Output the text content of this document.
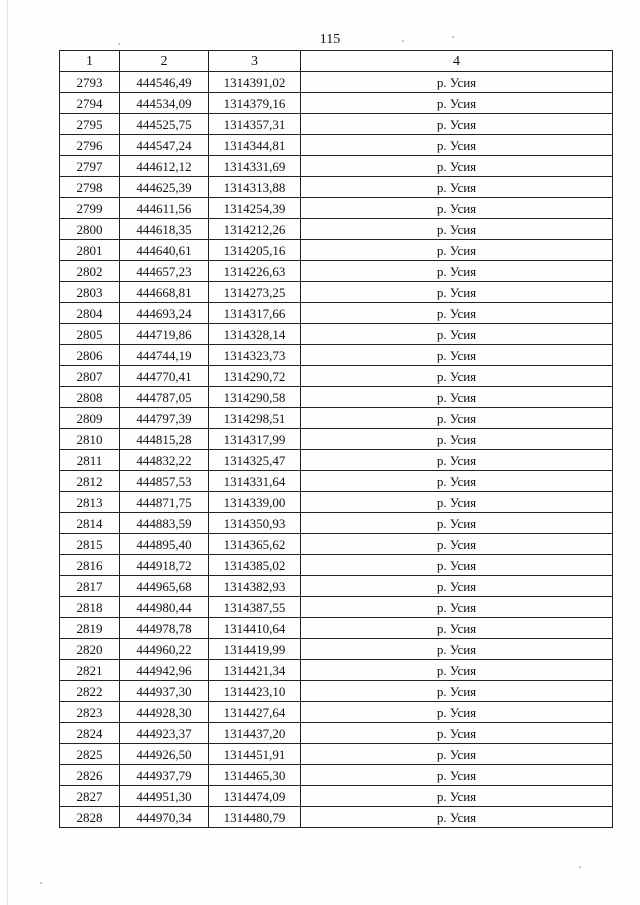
115
1	2	3	4
2793	444546,49	1314391,02	р. Усия
2794	444534,09	1314379,16	р. Усия
2795	444525,75	1314357,31	р. Усия
2796	444547,24	1314344,81	р. Усия
2797	444612,12	1314331,69	р. Усия
2798	444625,39	1314313,88	р. Усия
2799	444611,56	1314254,39	р. Усия
2800	444618,35	1314212,26	р. Усия
2801	444640,61	1314205,16	р. Усия
2802	444657,23	1314226,63	р. Усия
2803	444668,81	1314273,25	р. Усия
2804	444693,24	1314317,66	р. Усия
2805	444719,86	1314328,14	р. Усия
2806	444744,19	1314323,73	р. Усия
2807	444770,41	1314290,72	р. Усия
2808	444787,05	1314290,58	р. Усия
2809	444797,39	1314298,51	р. Усия
2810	444815,28	1314317,99	р. Усия
2811	444832,22	1314325,47	р. Усия
2812	444857,53	1314331,64	р. Усия
2813	444871,75	1314339,00	р. Усия
2814	444883,59	1314350,93	р. Усия
2815	444895,40	1314365,62	р. Усия
2816	444918,72	1314385,02	р. Усия
2817	444965,68	1314382,93	р. Усия
2818	444980,44	1314387,55	р. Усия
2819	444978,78	1314410,64	р. Усия
2820	444960,22	1314419,99	р. Усия
2821	444942,96	1314421,34	р. Усия
2822	444937,30	1314423,10	р. Усия
2823	444928,30	1314427,64	р. Усия
2824	444923,37	1314437,20	р. Усия
2825	444926,50	1314451,91	р. Усия
2826	444937,79	1314465,30	р. Усия
2827	444951,30	1314474,09	р. Усия
2828	444970,34	1314480,79	р. Усия
